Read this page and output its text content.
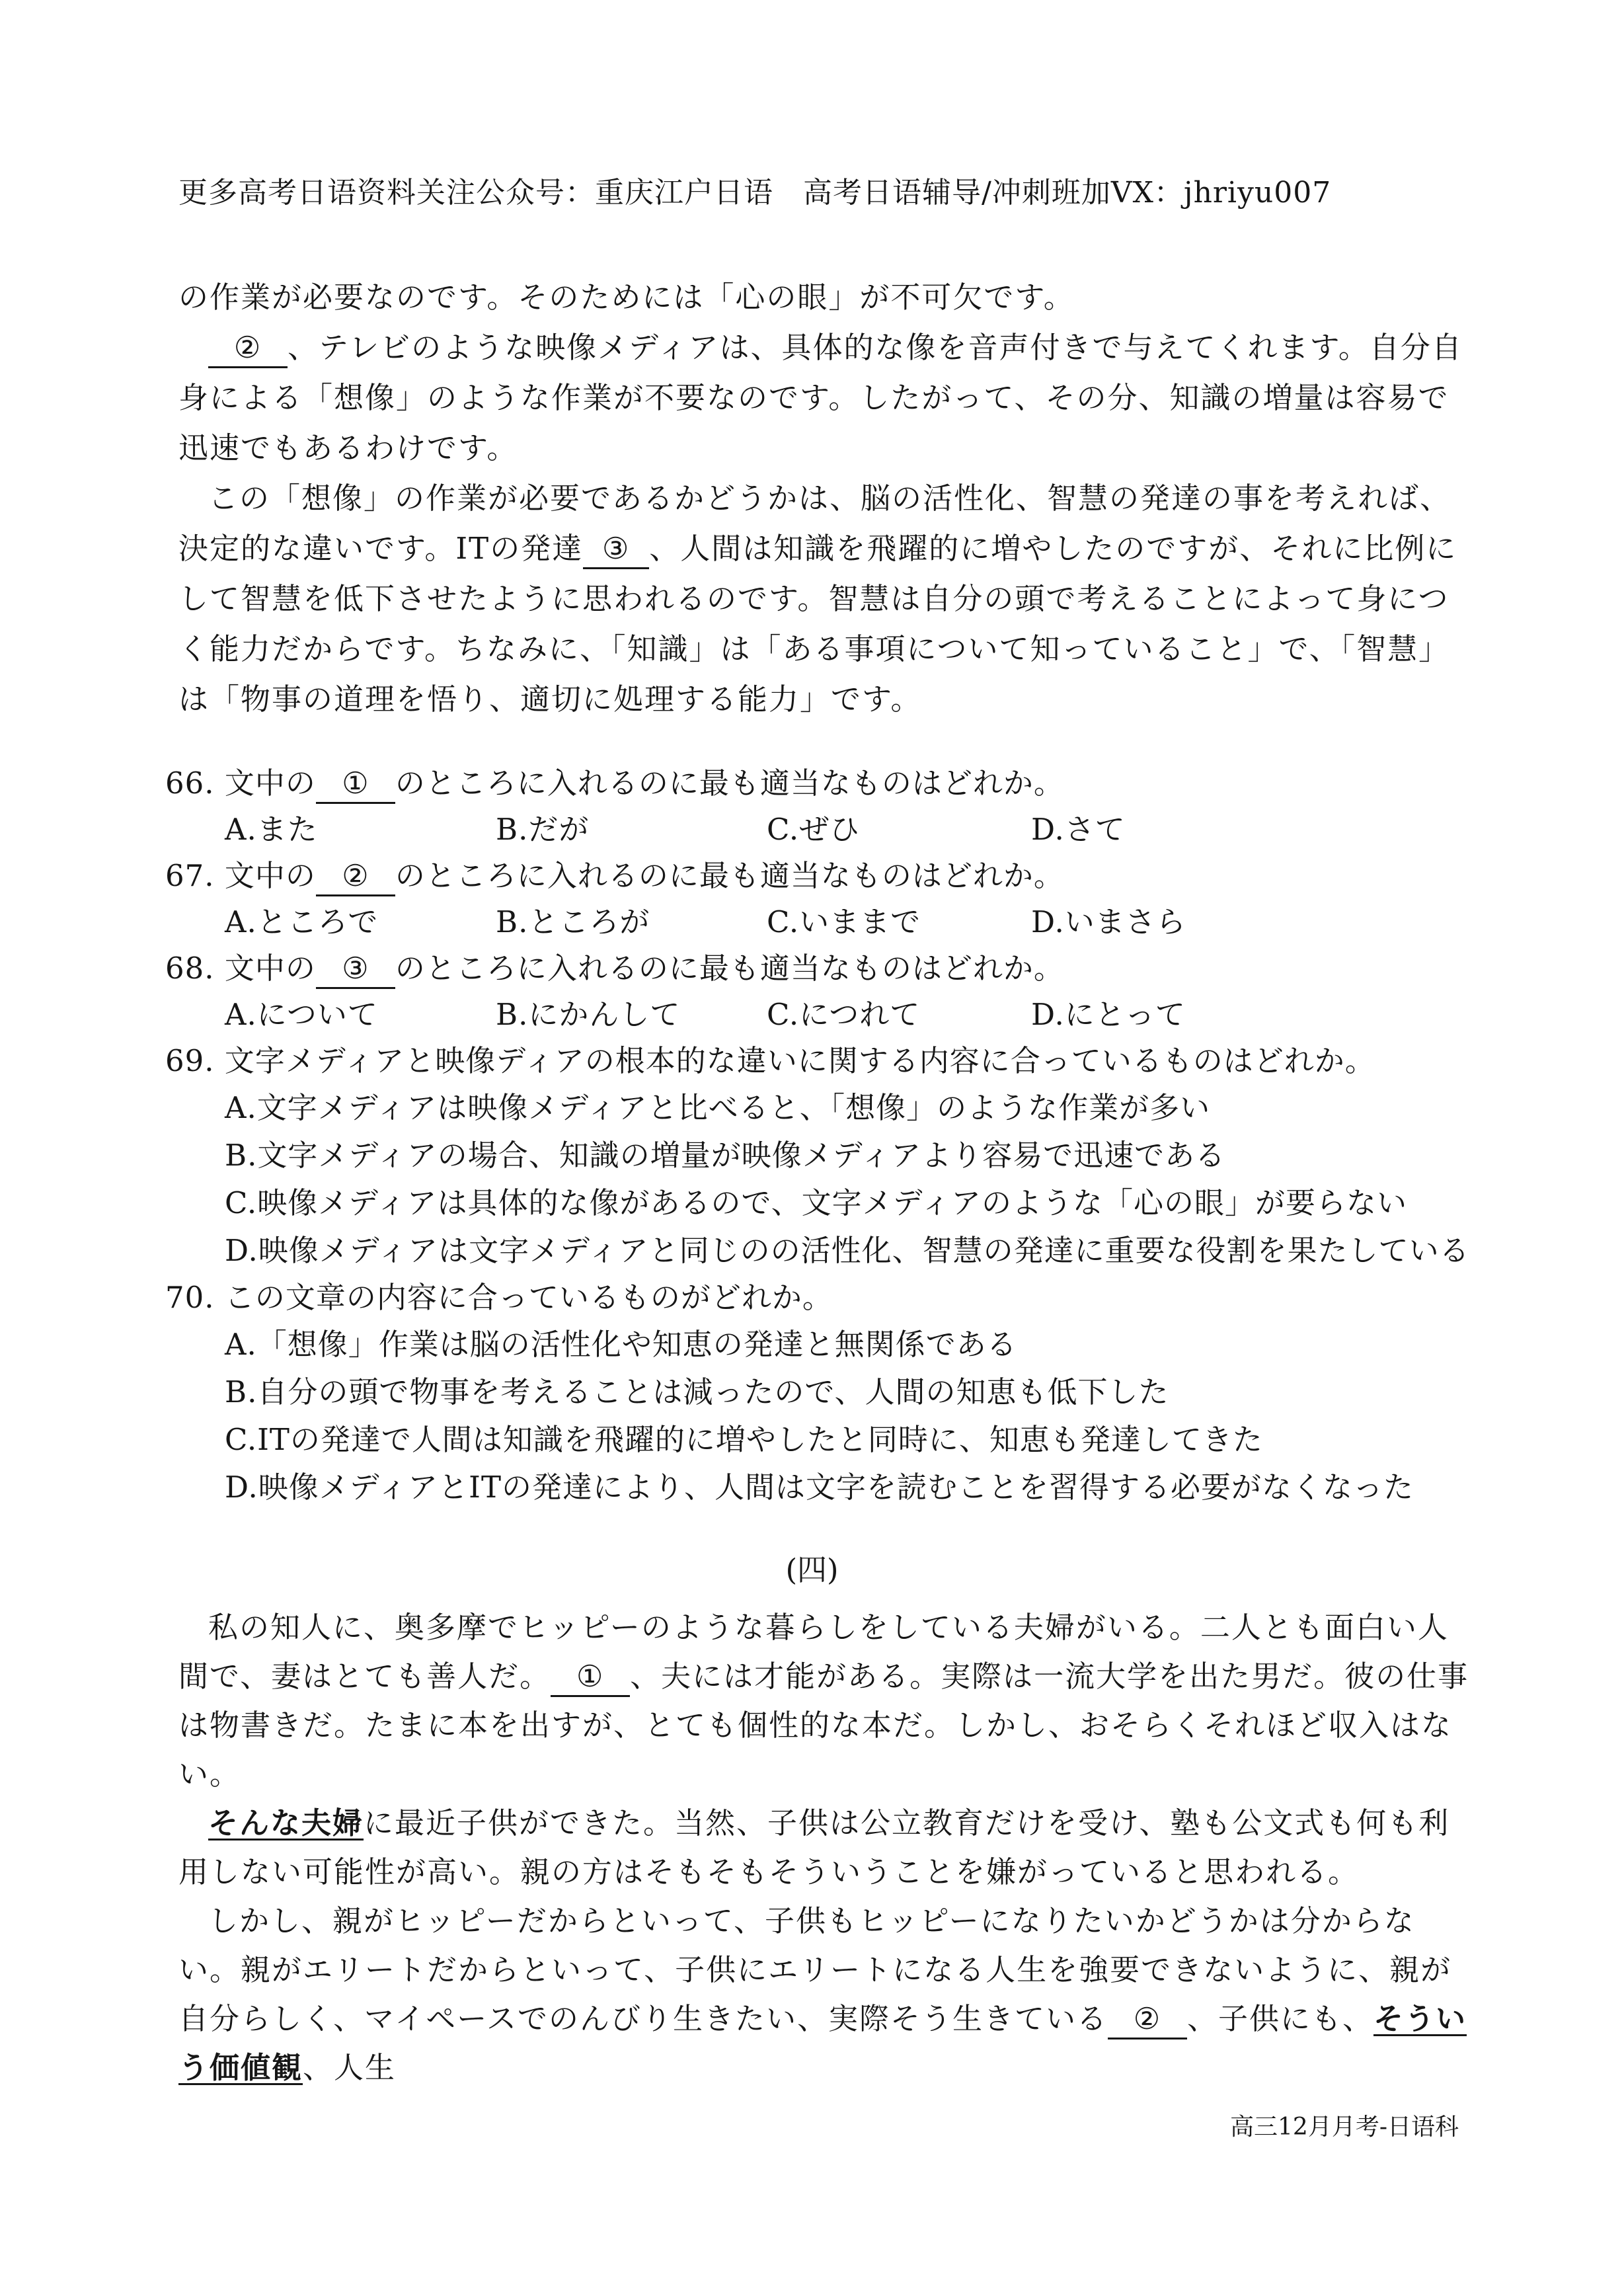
更多高考日语资料关注公众号：重庆江户日语　高考日语辅导/冲刺班加VX：jhriyu007

の作業が必要なのです。そのためには「心の眼」が不可欠です。

② 、テレビのような映像メディアは、具体的な像を音声付きで与えてくれます。自分自身による「想像」のような作業が不要なのです。したがって、その分、知識の増量は容易で迅速でもあるわけです。

この「想像」の作業が必要であるかどうかは、脳の活性化、智慧の発達の事を考えれば、決定的な違いです。ITの発達 ③ 、人間は知識を飛躍的に増やしたのですが、それに比例にして智慧を低下させたように思われるのです。智慧は自分の頭で考えることによって身につく能力だからです。ちなみに、「知識」は「ある事項について知っていること」で、「智慧」は「物事の道理を悟り、適切に処理する能力」です。

66. 文中の ① のところに入れるのに最も適当なものはどれか。
A.また	B.だが	C.ぜひ	D.さて
67. 文中の ② のところに入れるのに最も適当なものはどれか。
A.ところで	B.ところが	C.いままで	D.いまさら
68. 文中の ③ のところに入れるのに最も適当なものはどれか。
A.について	B.にかんして	C.につれて	D.にとって
69. 文字メディアと映像ディアの根本的な違いに関する内容に合っているものはどれか。
A.文字メディアは映像メディアと比べると、「想像」のような作業が多い
B.文字メディアの場合、知識の増量が映像メディアより容易で迅速である
C.映像メディアは具体的な像があるので、文字メディアのような「心の眼」が要らない
D.映像メディアは文字メディアと同じのの活性化、智慧の発達に重要な役割を果たしている
70. この文章の内容に合っているものがどれか。
A.「想像」作業は脳の活性化や知恵の発達と無関係である
B.自分の頭で物事を考えることは減ったので、人間の知恵も低下した
C.ITの発達で人間は知識を飛躍的に増やしたと同時に、知恵も発達してきた
D.映像メディアとITの発達により、人間は文字を読むことを習得する必要がなくなった
(四)

私の知人に、奥多摩でヒッピーのような暮らしをしている夫婦がいる。二人とも面白い人間で、妻はとても善人だ。 ① 、夫には才能がある。実際は一流大学を出た男だ。彼の仕事は物書きだ。たまに本を出すが、とても個性的な本だ。しかし、おそらくそれほど収入はない。

そんな夫婦に最近子供ができた。当然、子供は公立教育だけを受け、塾も公文式も何も利用しない可能性が高い。親の方はそもそもそういうことを嫌がっていると思われる。

しかし、親がヒッピーだからといって、子供もヒッピーになりたいかどうかは分からない。親がエリートだからといって、子供にエリートになる人生を強要できないように、親が自分らしく、マイペースでのんびり生きたい、実際そう生きている ② 、子供にも、そういう価値観、人生

高三12月月考-日语科
